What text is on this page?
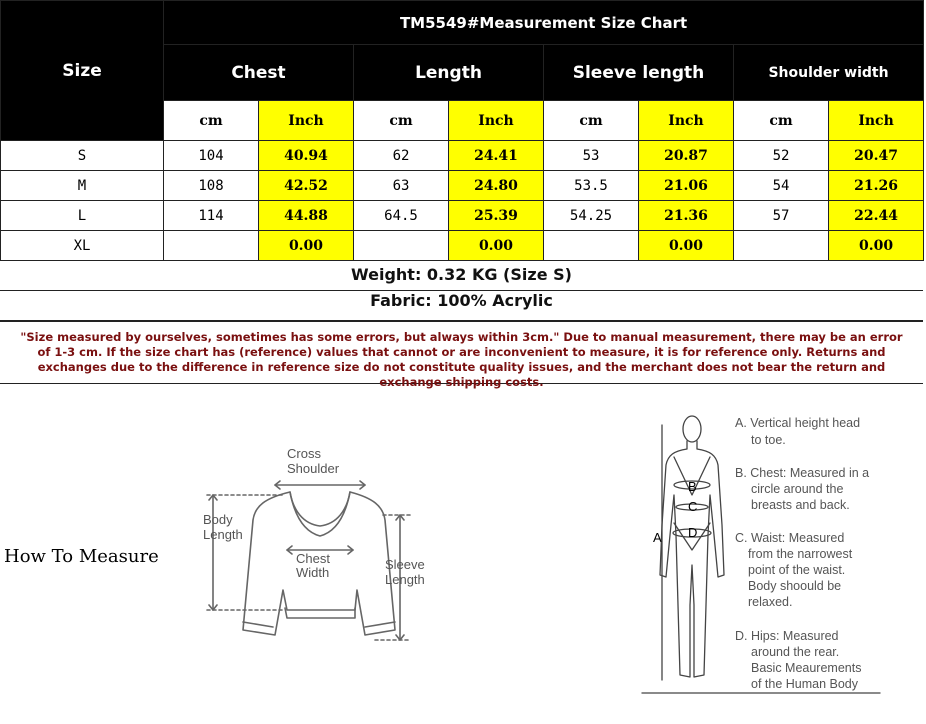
Size	TM5549#Measurement Size Chart							
	Chest		Length		Sleeve length		Shoulder width	
	cm	Inch	cm	Inch	cm	Inch	cm	Inch
S	104	40.94	62	24.41	53	20.87	52	20.47
M	108	42.52	63	24.80	53.5	21.06	54	21.26
L	114	44.88	64.5	25.39	54.25	21.36	57	22.44
XL		0.00		0.00		0.00		0.00
Weight: 0.32 KG (Size S)
Fabric: 100% Acrylic
"Size measured by ourselves, sometimes has some errors, but always within 3cm." Due to manual measurement, there may be an error of 1-3 cm. If the size chart has (reference) values that cannot or are inconvenient to measure, it is for reference only. Returns and exchanges due to the difference in reference size do not constitute quality issues, and the merchant does not bear the return and exchange shipping costs.
How To Measure
Cross
Shoulder
Body
Length
Chest
Width
Sleeve
Length
B
C
D
A
A. Vertical height head
to toe.
B. Chest: Measured in a
circle around the
breasts and back.
C. Waist: Measured
from the narrowest
point of the waist.
Body shoould be
relaxed.
D. Hips: Measured
around the rear.
Basic Meaurements
of the Human Body
